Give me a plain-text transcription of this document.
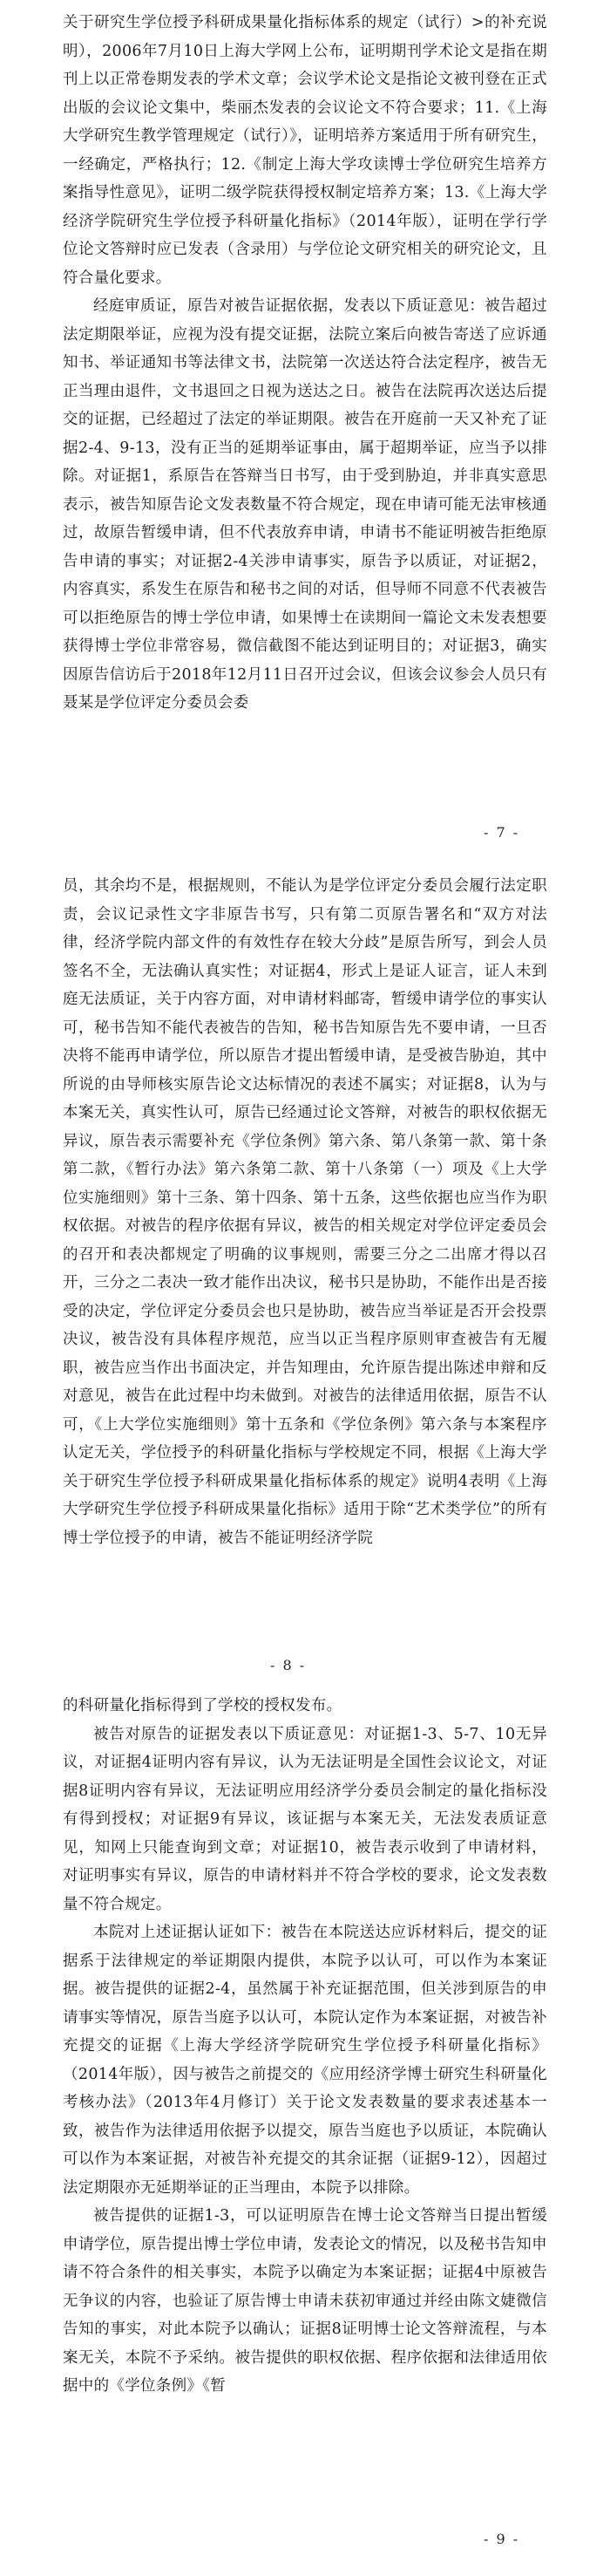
关于研究生学位授予科研成果量化指标体系的规定（试行）>的补充说明），2006年7月10日上海大学网上公布，证明期刊学术论文是指在期刊上以正常卷期发表的学术文章；会议学术论文是指论文被刊登在正式出版的会议论文集中，柴丽杰发表的会议论文不符合要求；11.《上海大学研究生教学管理规定（试行）》，证明培养方案适用于所有研究生，一经确定，严格执行；12.《制定上海大学攻读博士学位研究生培养方案指导性意见》，证明二级学院获得授权制定培养方案；13.《上海大学经济学院研究生学位授予科研量化指标》（2014年版），证明在学行学位论文答辩时应已发表（含录用）与学位论文研究相关的研究论文，且符合量化要求。

经庭审质证，原告对被告证据依据，发表以下质证意见：被告超过法定期限举证，应视为没有提交证据，法院立案后向被告寄送了应诉通知书、举证通知书等法律文书，法院第一次送达符合法定程序，被告无正当理由退件，文书退回之日视为送达之日。被告在法院再次送达后提交的证据，已经超过了法定的举证期限。被告在开庭前一天又补充了证据2-4、9-13，没有正当的延期举证事由，属于超期举证，应当予以排除。对证据1，系原告在答辩当日书写，由于受到胁迫，并非真实意思表示，被告知原告论文发表数量不符合规定，现在申请可能无法审核通过，故原告暂缓申请，但不代表放弃申请，申请书不能证明被告拒绝原告申请的事实；对证据2-4关涉申请事实，原告予以质证，对证据2，内容真实，系发生在原告和秘书之间的对话，但导师不同意不代表被告可以拒绝原告的博士学位申请，如果博士在读期间一篇论文未发表想要获得博士学位非常容易，微信截图不能达到证明目的；对证据3，确实因原告信访后于2018年12月11日召开过会议，但该会议参会人员只有聂某是学位评定分委员会委

- 7 -

员，其余均不是，根据规则，不能认为是学位评定分委员会履行法定职责，会议记录性文字非原告书写，只有第二页原告署名和“双方对法律，经济学院内部文件的有效性存在较大分歧”是原告所写，到会人员签名不全，无法确认真实性；对证据4，形式上是证人证言，证人未到庭无法质证，关于内容方面，对申请材料邮寄，暂缓申请学位的事实认可，秘书告知不能代表被告的告知，秘书告知原告先不要申请，一旦否决将不能再申请学位，所以原告才提出暂缓申请，是受被告胁迫，其中所说的由导师核实原告论文达标情况的表述不属实；对证据8，认为与本案无关，真实性认可，原告已经通过论文答辩，对被告的职权依据无异议，原告表示需要补充《学位条例》第六条、第八条第一款、第十条第二款，《暂行办法》第六条第二款、第十八条第（一）项及《上大学位实施细则》第十三条、第十四条、第十五条，这些依据也应当作为职权依据。对被告的程序依据有异议，被告的相关规定对学位评定委员会的召开和表决都规定了明确的议事规则，需要三分之二出席才得以召开，三分之二表决一致才能作出决议，秘书只是协助，不能作出是否接受的决定，学位评定分委员会也只是协助，被告应当举证是否开会投票决议，被告没有具体程序规范，应当以正当程序原则审查被告有无履职，被告应当作出书面决定，并告知理由，允许原告提出陈述申辩和反对意见，被告在此过程中均未做到。对被告的法律适用依据，原告不认可，《上大学位实施细则》第十五条和《学位条例》第六条与本案程序认定无关，学位授予的科研量化指标与学校规定不同，根据《上海大学关于研究生学位授予科研成果量化指标体系的规定》说明4表明《上海大学研究生学位授予科研成果量化指标》适用于除“艺术类学位”的所有博士学位授予的申请，被告不能证明经济学院

- 8 -

的科研量化指标得到了学校的授权发布。

被告对原告的证据发表以下质证意见：对证据1-3、5-7、10无异议，对证据4证明内容有异议，认为无法证明是全国性会议论文，对证据8证明内容有异议，无法证明应用经济学分委员会制定的量化指标没有得到授权；对证据9有异议，该证据与本案无关，无法发表质证意见，知网上只能查询到文章；对证据10，被告表示收到了申请材料，对证明事实有异议，原告的申请材料并不符合学校的要求，论文发表数量不符合规定。

本院对上述证据认证如下：被告在本院送达应诉材料后，提交的证据系于法律规定的举证期限内提供，本院予以认可，可以作为本案证据。被告提供的证据2-4，虽然属于补充证据范围，但关涉到原告的申请事实等情况，原告当庭予以认可，本院认定作为本案证据，对被告补充提交的证据《上海大学经济学院研究生学位授予科研量化指标》（2014年版），因与被告之前提交的《应用经济学博士研究生科研量化考核办法》（2013年4月修订）关于论文发表数量的要求表述基本一致，被告作为法律适用依据予以提交，原告当庭也予以质证，本院确认可以作为本案证据，对被告补充提交的其余证据（证据9-12），因超过法定期限亦无延期举证的正当理由，本院予以排除。

被告提供的证据1-3，可以证明原告在博士论文答辩当日提出暂缓申请学位，原告提出博士学位申请，发表论文的情况，以及秘书告知申请不符合条件的相关事实，本院予以确定为本案证据；证据4中原被告无争议的内容，也验证了原告博士申请未获初审通过并经由陈文婕微信告知的事实，对此本院予以确认；证据8证明博士论文答辩流程，与本案无关，本院不予采纳。被告提供的职权依据、程序依据和法律适用依据中的《学位条例》《暂

- 9 -
